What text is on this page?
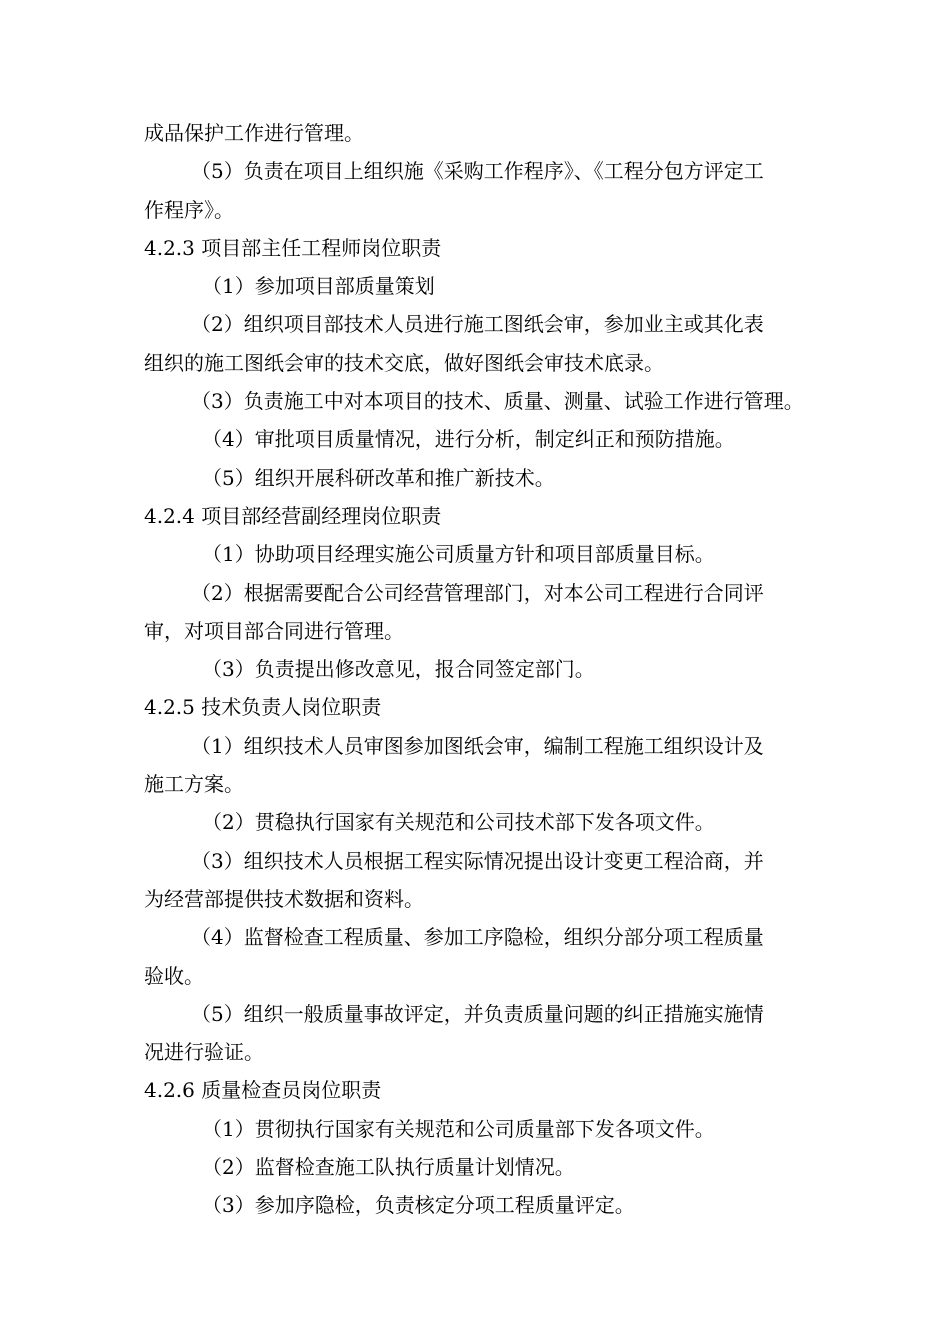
成品保护工作进行管理。
（5）负责在项目上组织施《采购工作程序》、《工程分包方评定工
作程序》。
4.2.3 项目部主任工程师岗位职责
（1）参加项目部质量策划
（2）组织项目部技术人员进行施工图纸会审，参加业主或其化表
组织的施工图纸会审的技术交底，做好图纸会审技术底录。
（3）负责施工中对本项目的技术、质量、测量、试验工作进行管理。
（4）审批项目质量情况，进行分析，制定纠正和预防措施。
（5）组织开展科研改革和推广新技术。
4.2.4 项目部经营副经理岗位职责
（1）协助项目经理实施公司质量方针和项目部质量目标。
（2）根据需要配合公司经营管理部门，对本公司工程进行合同评
审，对项目部合同进行管理。
（3）负责提出修改意见，报合同签定部门。
4.2.5 技术负责人岗位职责
（1）组织技术人员审图参加图纸会审，编制工程施工组织设计及
施工方案。
（2）贯稳执行国家有关规范和公司技术部下发各项文件。
（3）组织技术人员根据工程实际情况提出设计变更工程洽商，并
为经营部提供技术数据和资料。
（4）监督检查工程质量、参加工序隐检，组织分部分项工程质量
验收。
（5）组织一般质量事故评定，并负责质量问题的纠正措施实施情
况进行验证。
4.2.6 质量检查员岗位职责
（1）贯彻执行国家有关规范和公司质量部下发各项文件。
（2）监督检查施工队执行质量计划情况。
（3）参加序隐检，负责核定分项工程质量评定。
